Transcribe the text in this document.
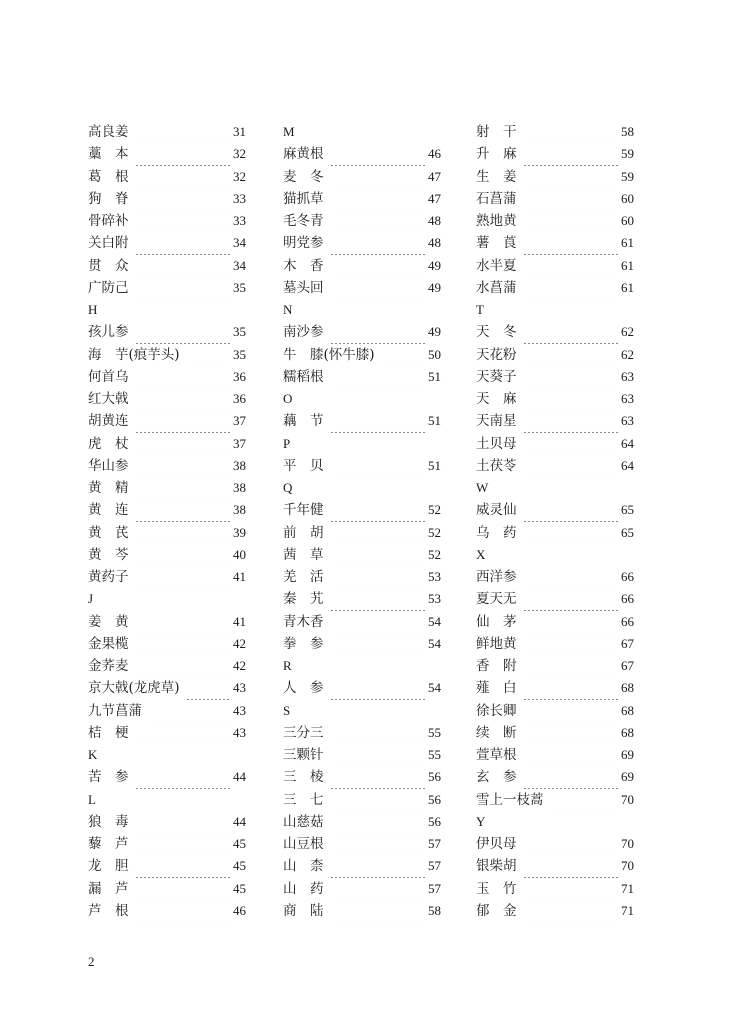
高良姜	31
藁　本	32
葛　根	32
狗　脊	33
骨碎补	33
关白附	34
贯　众	34
广防己	35
H
孩儿参	35
海　芋(痕芋头)	35
何首乌	36
红大戟	36
胡黄连	37
虎　杖	37
华山参	38
黄　精	38
黄　连	38
黄　芪	39
黄　芩	40
黄药子	41
J
姜　黄	41
金果榄	42
金荞麦	42
京大戟(龙虎草)	43
九节菖蒲	43
桔　梗	43
K
苦　参	44
L
狼　毒	44
藜　芦	45
龙　胆	45
漏　芦	45
芦　根	46
M
麻黄根	46
麦　冬	47
猫抓草	47
毛冬青	48
明党参	48
木　香	49
墓头回	49
N
南沙参	49
牛　膝(怀牛膝)	50
糯稻根	51
O
藕　节	51
P
平　贝	51
Q
千年健	52
前　胡	52
茜　草	52
羌　活	53
秦　艽	53
青木香	54
拳　参	54
R
人　参	54
S
三分三	55
三颗针	55
三　棱	56
三　七	56
山慈菇	56
山豆根	57
山　柰	57
山　药	57
商　陆	58
射　干	58
升　麻	59
生　姜	59
石菖蒲	60
熟地黄	60
薯　莨	61
水半夏	61
水菖蒲	61
T
天　冬	62
天花粉	62
天葵子	63
天　麻	63
天南星	63
土贝母	64
土茯苓	64
W
威灵仙	65
乌　药	65
X
西洋参	66
夏天无	66
仙　茅	66
鲜地黄	67
香　附	67
薤　白	68
徐长卿	68
续　断	68
萱草根	69
玄　参	69
雪上一枝蒿	70
Y
伊贝母	70
银柴胡	70
玉　竹	71
郁　金	71
2
